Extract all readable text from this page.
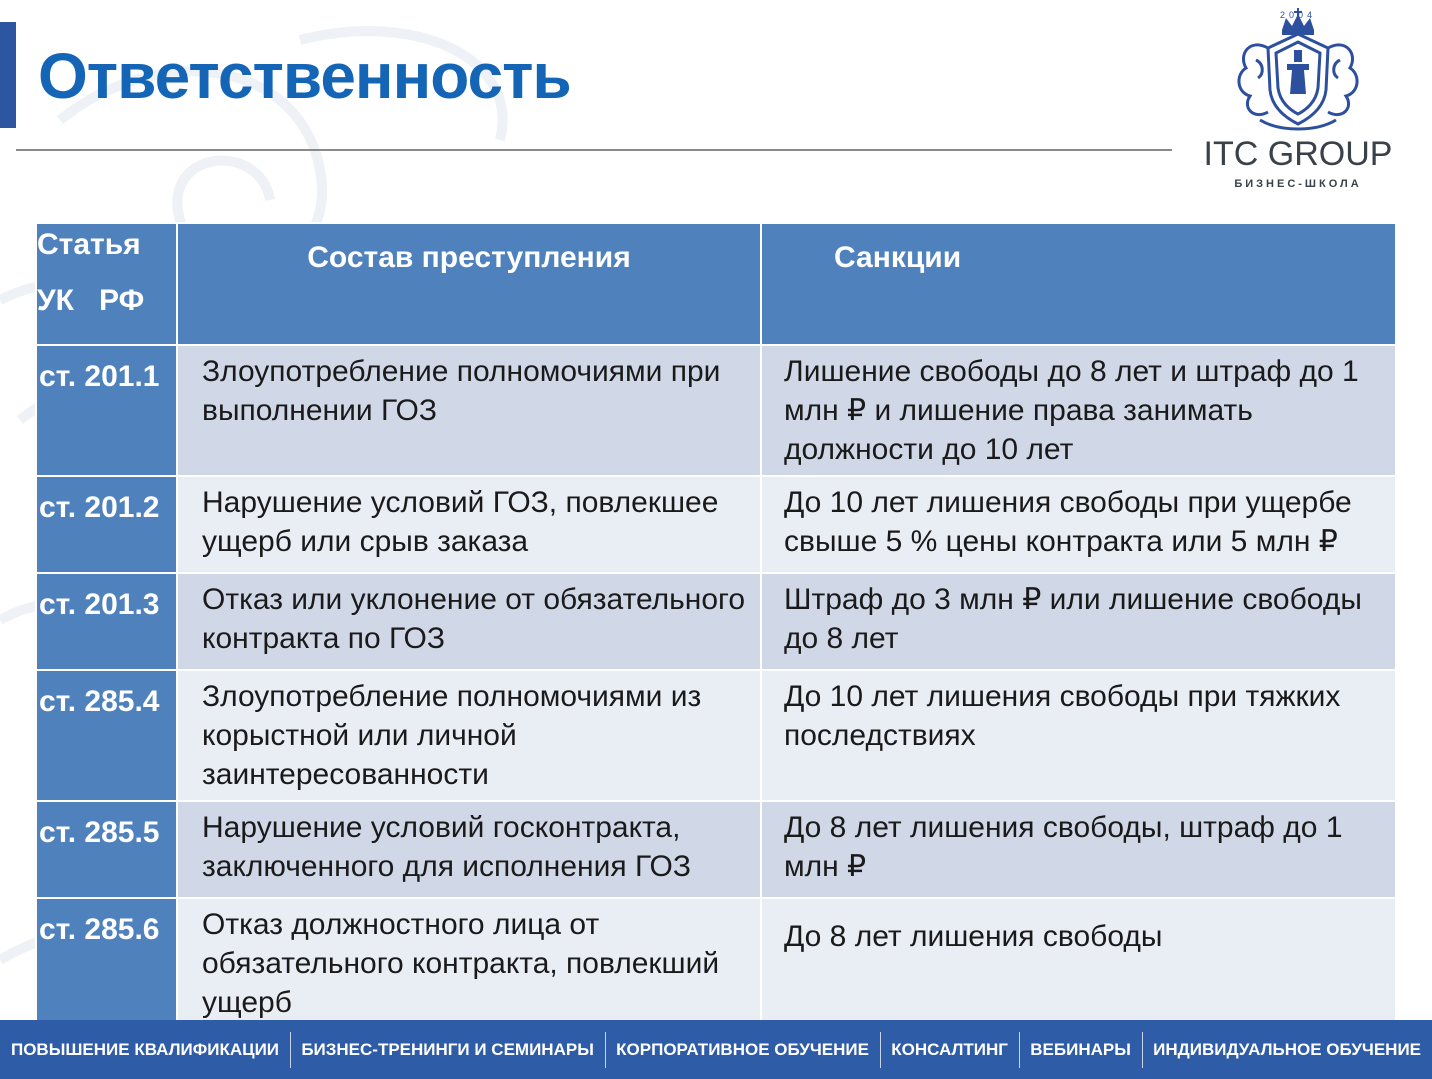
Ответственность
2004
ITC GROUP
БИЗНЕС-ШКОЛА
Статья
УК   РФ	Состав преступления	Санкции
ст. 201.1	Злоупотребление полномочиями при выполнении ГОЗ	Лишение свободы до 8 лет и штраф до 1 млн ₽ и лишение права занимать должности до 10 лет
ст. 201.2	Нарушение условий ГОЗ, повлекшее ущерб или срыв заказа	До 10 лет лишения свободы при ущербе свыше 5 % цены контракта или 5 млн ₽
ст. 201.3	Отказ или уклонение от обязательного контракта по ГОЗ	Штраф до 3 млн ₽ или лишение свободы до 8 лет
ст. 285.4	Злоупотребление полномочиями из корыстной или личной заинтересованности	До 10 лет лишения свободы при тяжких последствиях
ст. 285.5	Нарушение условий госконтракта, заключенного для исполнения ГОЗ	До 8 лет лишения свободы, штраф до 1 млн ₽
ст. 285.6	Отказ должностного лица от обязательного контракта, повлекший ущерб	До 8 лет лишения свободы
ПОВЫШЕНИЕ КВАЛИФИКАЦИИ	БИЗНЕС-ТРЕНИНГИ И СЕМИНАРЫ	КОРПОРАТИВНОЕ ОБУЧЕНИЕ	КОНСАЛТИНГ	ВЕБИНАРЫ	ИНДИВИДУАЛЬНОЕ ОБУЧЕНИЕ
